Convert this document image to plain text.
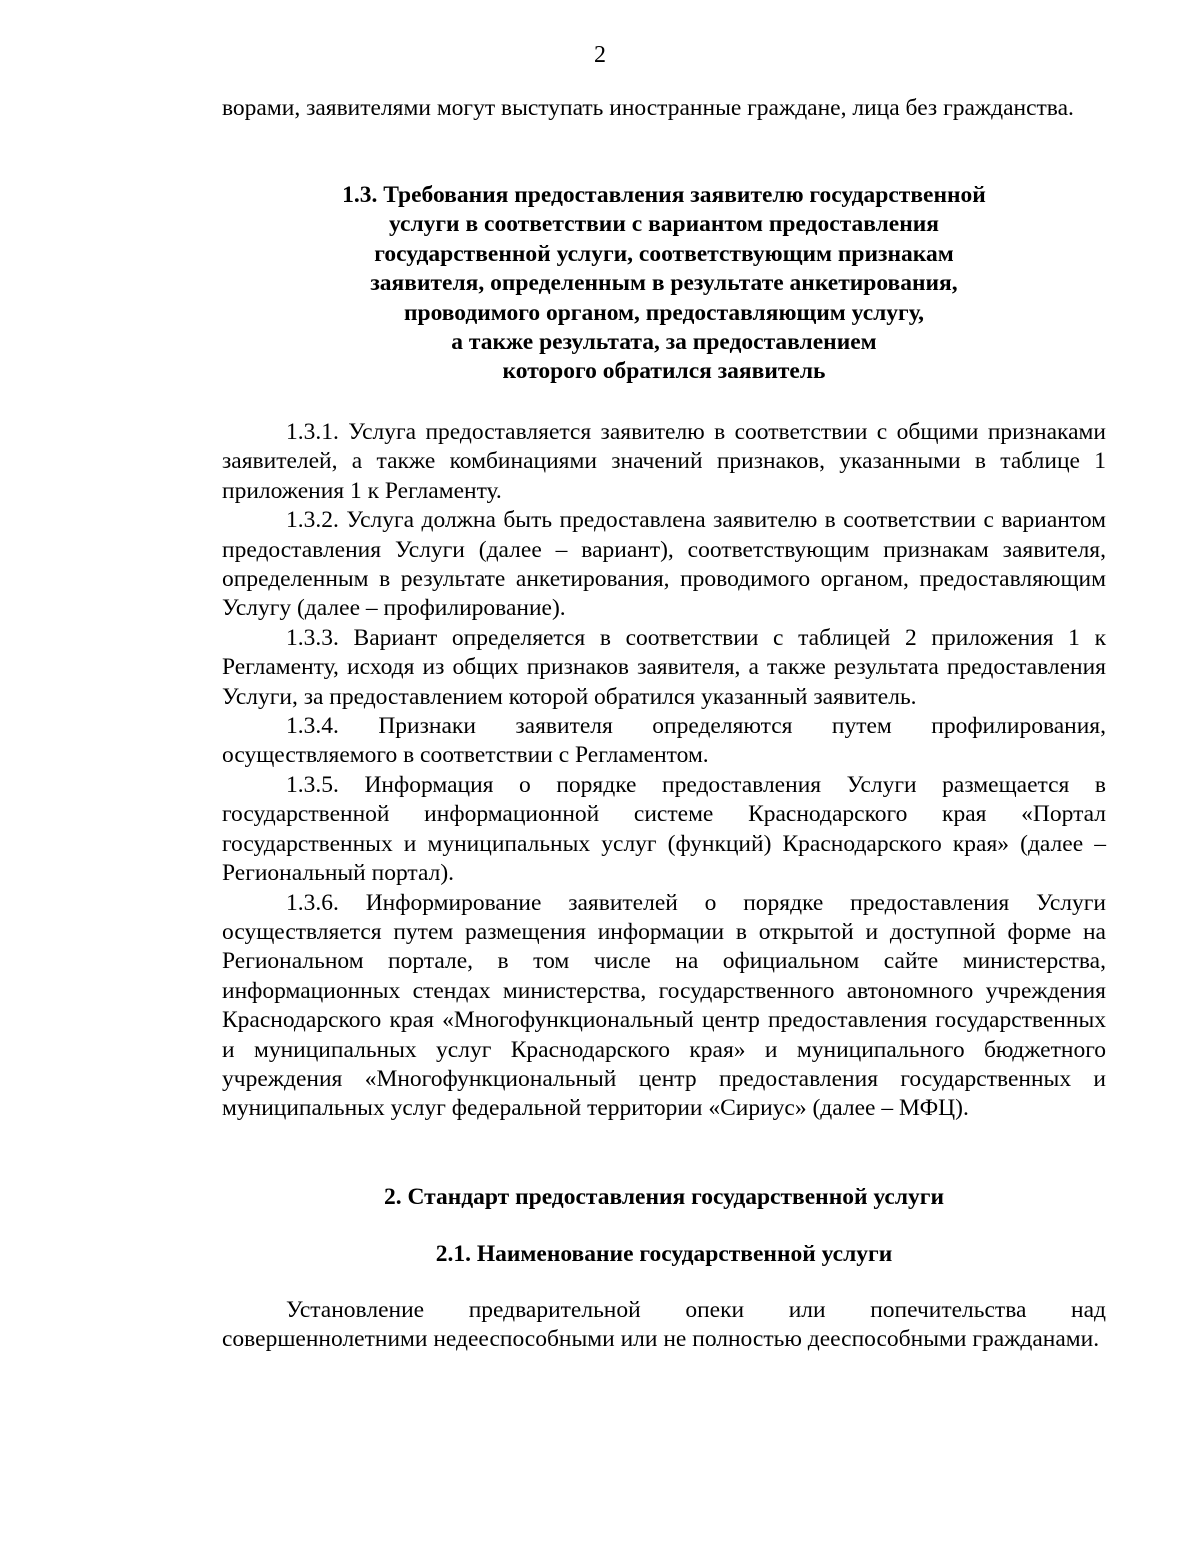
2

ворами, заявителями могут выступать иностранные граждане, лица без гражданства.

1.3. Требования предоставления заявителю государственной
услуги в соответствии с вариантом предоставления
государственной услуги, соответствующим признакам
заявителя, определенным в результате анкетирования,
проводимого органом, предоставляющим услугу,
а также результата, за предоставлением
которого обратился заявитель

1.3.1. Услуга предоставляется заявителю в соответствии с общими признаками заявителей, а также комбинациями значений признаков, указанными в таблице 1 приложения 1 к Регламенту.

1.3.2. Услуга должна быть предоставлена заявителю в соответствии с вариантом предоставления Услуги (далее – вариант), соответствующим признакам заявителя, определенным в результате анкетирования, проводимого органом, предоставляющим Услугу (далее – профилирование).

1.3.3. Вариант определяется в соответствии с таблицей 2 приложения 1 к Регламенту, исходя из общих признаков заявителя, а также результата предоставления Услуги, за предоставлением которой обратился указанный заявитель.

1.3.4. Признаки заявителя определяются путем профилирования, осуществляемого в соответствии с Регламентом.

1.3.5. Информация о порядке предоставления Услуги размещается в государственной информационной системе Краснодарского края «Портал государственных и муниципальных услуг (функций) Краснодарского края» (далее – Региональный портал).

1.3.6. Информирование заявителей о порядке предоставления Услуги осуществляется путем размещения информации в открытой и доступной форме на Региональном портале, в том числе на официальном сайте министерства, информационных стендах министерства, государственного автономного учреждения Краснодарского края «Многофункциональный центр предоставления государственных и муниципальных услуг Краснодарского края» и муниципального бюджетного учреждения «Многофункциональный центр предоставления государственных и муниципальных услуг федеральной территории «Сириус» (далее – МФЦ).

2. Стандарт предоставления государственной услуги
2.1. Наименование государственной услуги

Установление предварительной опеки или попечительства над совершеннолетними недееспособными или не полностью дееспособными гражданами.
